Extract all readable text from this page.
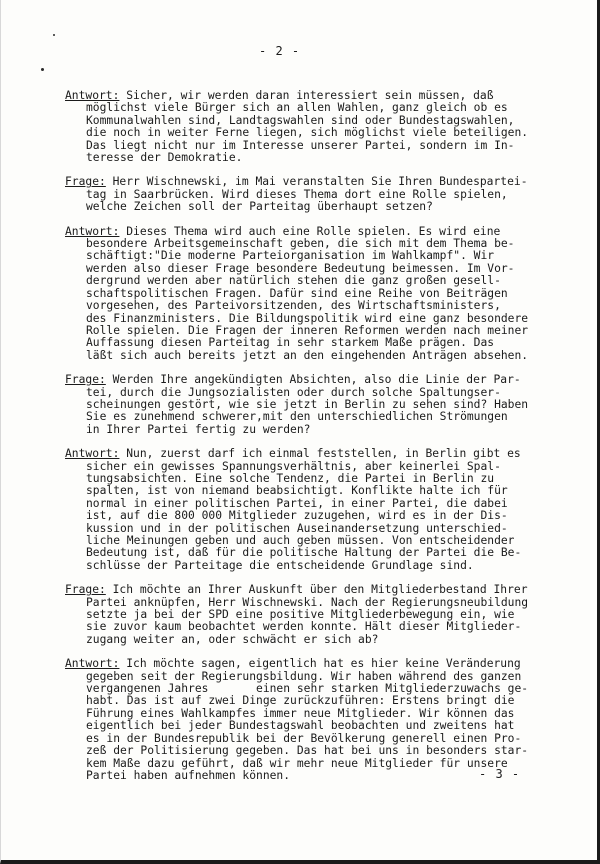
- 2 -

Antwort: Sicher, wir werden daran interessiert sein müssen, daß
möglichst viele Bürger sich an allen Wahlen, ganz gleich ob es
Kommunalwahlen sind, Landtagswahlen sind oder Bundestagswahlen,
die noch in weiter Ferne liegen, sich möglichst viele beteiligen.
Das liegt nicht nur im Interesse unserer Partei, sondern im In-
teresse der Demokratie.

Frage: Herr Wischnewski, im Mai veranstalten Sie Ihren Bundespartei-
tag in Saarbrücken. Wird dieses Thema dort eine Rolle spielen,
welche Zeichen soll der Parteitag überhaupt setzen?

Antwort: Dieses Thema wird auch eine Rolle spielen. Es wird eine
besondere Arbeitsgemeinschaft geben, die sich mit dem Thema be-
schäftigt:"Die moderne Parteiorganisation im Wahlkampf". Wir
werden also dieser Frage besondere Bedeutung beimessen. Im Vor-
dergrund werden aber natürlich stehen die ganz großen gesell-
schaftspolitischen Fragen. Dafür sind eine Reihe von Beiträgen
vorgesehen, des Parteivorsitzenden, des Wirtschaftsministers,
des Finanzministers. Die Bildungspolitik wird eine ganz besondere
Rolle spielen. Die Fragen der inneren Reformen werden nach meiner
Auffassung diesen Parteitag in sehr starkem Maße prägen. Das
läßt sich auch bereits jetzt an den eingehenden Anträgen absehen.

Frage: Werden Ihre angekündigten Absichten, also die Linie der Par-
tei, durch die Jungsozialisten oder durch solche Spaltungser-
scheinungen gestört, wie sie jetzt in Berlin zu sehen sind? Haben
Sie es zunehmend schwerer,mit den unterschiedlichen Strömungen
in Ihrer Partei fertig zu werden?

Antwort: Nun, zuerst darf ich einmal feststellen, in Berlin gibt es
sicher ein gewisses Spannungsverhältnis, aber keinerlei Spal-
tungsabsichten. Eine solche Tendenz, die Partei in Berlin zu
spalten, ist von niemand beabsichtigt. Konflikte halte ich für
normal in einer politischen Partei, in einer Partei, die dabei
ist, auf die 800 000 Mitglieder zuzugehen, wird es in der Dis-
kussion und in der politischen Auseinandersetzung unterschied-
liche Meinungen geben und auch geben müssen. Von entscheidender
Bedeutung ist, daß für die politische Haltung der Partei die Be-
schlüsse der Parteitage die entscheidende Grundlage sind.

Frage: Ich möchte an Ihrer Auskunft über den Mitgliederbestand Ihrer
Partei anknüpfen, Herr Wischnewski. Nach der Regierungsneubildung
setzte ja bei der SPD eine positive Mitgliederbewegung ein, wie
sie zuvor kaum beobachtet werden konnte. Hält dieser Mitglieder-
zugang weiter an, oder schwächt er sich ab?

Antwort: Ich möchte sagen, eigentlich hat es hier keine Veränderung
gegeben seit der Regierungsbildung. Wir haben während des ganzen
vergangenen Jahres       einen sehr starken Mitgliederzuwachs ge-
habt. Das ist auf zwei Dinge zurückzuführen: Erstens bringt die
Führung eines Wahlkampfes immer neue Mitglieder. Wir können das
eigentlich bei jeder Bundestagswahl beobachten und zweitens hat
es in der Bundesrepublik bei der Bevölkerung generell einen Pro-
zeß der Politisierung gegeben. Das hat bei uns in besonders star-
kem Maße dazu geführt, daß wir mehr neue Mitglieder für unsere
Partei haben aufnehmen können.	- 3 -
